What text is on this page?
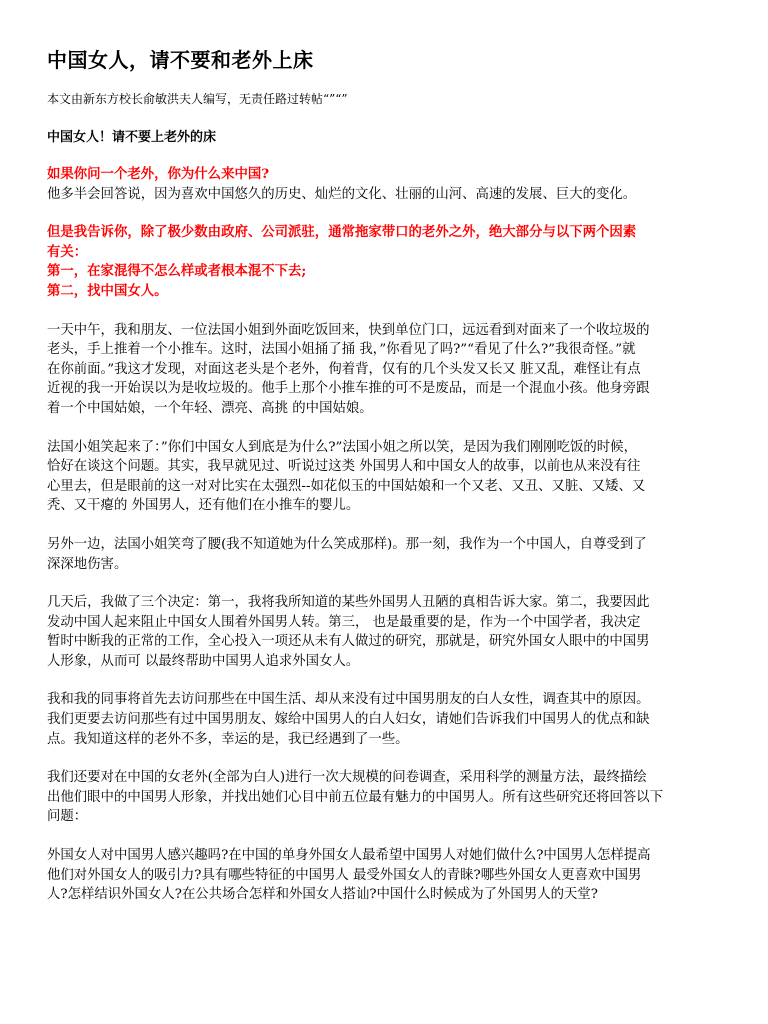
中国女人，请不要和老外上床
本文由新东方校长俞敏洪夫人编写，无责任路过转帖“”“”
中国女人！请不要上老外的床
如果你问一个老外，你为什么来中国?
他多半会回答说，因为喜欢中国悠久的历史、灿烂的文化、壮丽的山河、高速的发展、巨大的变化。
但是我告诉你，除了极少数由政府、公司派驻，通常拖家带口的老外之外，绝大部分与以下两个因素
有关：
第一，在家混得不怎么样或者根本混不下去;
第二，找中国女人。
一天中午，我和朋友、一位法国小姐到外面吃饭回来，快到单位门口，远远看到对面来了一个收垃圾的
老头，手上推着一个小推车。这时，法国小姐捅了捅 我，”你看见了吗?”“看见了什么?”我很奇怪。”就
在你前面。”我这才发现，对面这老头是个老外，佝着背，仅有的几个头发又长又 脏又乱，难怪让有点
近视的我一开始误以为是收垃圾的。他手上那个小推车推的可不是废品，而是一个混血小孩。他身旁跟
着一个中国姑娘，一个年轻、漂亮、高挑 的中国姑娘。
法国小姐笑起来了：”你们中国女人到底是为什么?”法国小姐之所以笑，是因为我们刚刚吃饭的时候，
恰好在谈这个问题。其实，我早就见过、听说过这类 外国男人和中国女人的故事，以前也从来没有往
心里去，但是眼前的这一对对比实在太强烈--如花似玉的中国姑娘和一个又老、又丑、又脏、又矮、又
秃、又干瘪的 外国男人，还有他们在小推车的婴儿。
另外一边，法国小姐笑弯了腰(我不知道她为什么笑成那样)。那一刻，我作为一个中国人，自尊受到了
深深地伤害。
几天后，我做了三个决定：第一，我将我所知道的某些外国男人丑陋的真相告诉大家。第二，我要因此
发动中国人起来阻止中国女人围着外国男人转。第三， 也是最重要的是，作为一个中国学者，我决定
暂时中断我的正常的工作，全心投入一项还从未有人做过的研究，那就是，研究外国女人眼中的中国男
人形象，从而可 以最终帮助中国男人追求外国女人。
我和我的同事将首先去访问那些在中国生活、却从来没有过中国男朋友的白人女性，调查其中的原因。
我们更要去访问那些有过中国男朋友、嫁给中国男人的白人妇女，请她们告诉我们中国男人的优点和缺
点。我知道这样的老外不多，幸运的是，我已经遇到了一些。
我们还要对在中国的女老外(全部为白人)进行一次大规模的问卷调查，采用科学的测量方法，最终描绘
出他们眼中的中国男人形象，并找出她们心目中前五位最有魅力的中国男人。所有这些研究还将回答以下
问题：
外国女人对中国男人感兴趣吗?在中国的单身外国女人最希望中国男人对她们做什么?中国男人怎样提高
他们对外国女人的吸引力?具有哪些特征的中国男人 最受外国女人的青睐?哪些外国女人更喜欢中国男
人?怎样结识外国女人?在公共场合怎样和外国女人搭讪?中国什么时候成为了外国男人的天堂?
